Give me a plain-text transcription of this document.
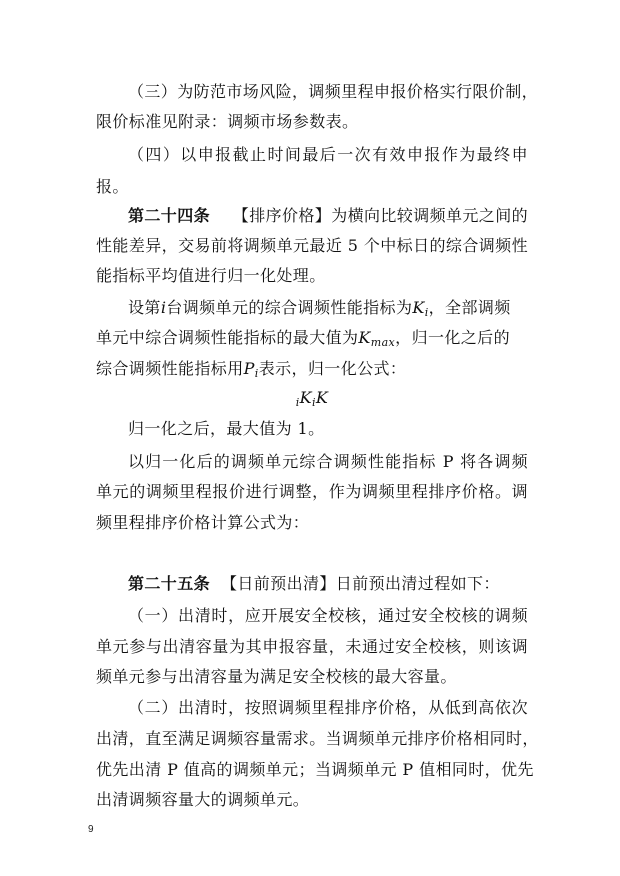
（三）为防范市场风险，调频里程申报价格实行限价制，
限价标准见附录：调频市场参数表。
（四）以申报截止时间最后一次有效申报作为最终申
报。
第二十四条 【排序价格】为横向比较调频单元之间的
性能差异，交易前将调频单元最近 5 个中标日的综合调频性
能指标平均值进行归一化处理。
设第i台调频单元的综合调频性能指标为$K_i$，全部调频
单元中综合调频性能指标的最大值为$K_{max}$，归一化之后的
综合调频性能指标用$P_i$表示，归一化公式：
$_iK_iK$
归一化之后，最大值为 1。
以归一化后的调频单元综合调频性能指标 P 将各调频
单元的调频里程报价进行调整，作为调频里程排序价格。调
频里程排序价格计算公式为：
第二十五条 【日前预出清】日前预出清过程如下：
（一）出清时，应开展安全校核，通过安全校核的调频
单元参与出清容量为其申报容量，未通过安全校核，则该调
频单元参与出清容量为满足安全校核的最大容量。
（二）出清时，按照调频里程排序价格，从低到高依次
出清，直至满足调频容量需求。当调频单元排序价格相同时，
优先出清 P 值高的调频单元；当调频单元 P 值相同时，优先
出清调频容量大的调频单元。
9
